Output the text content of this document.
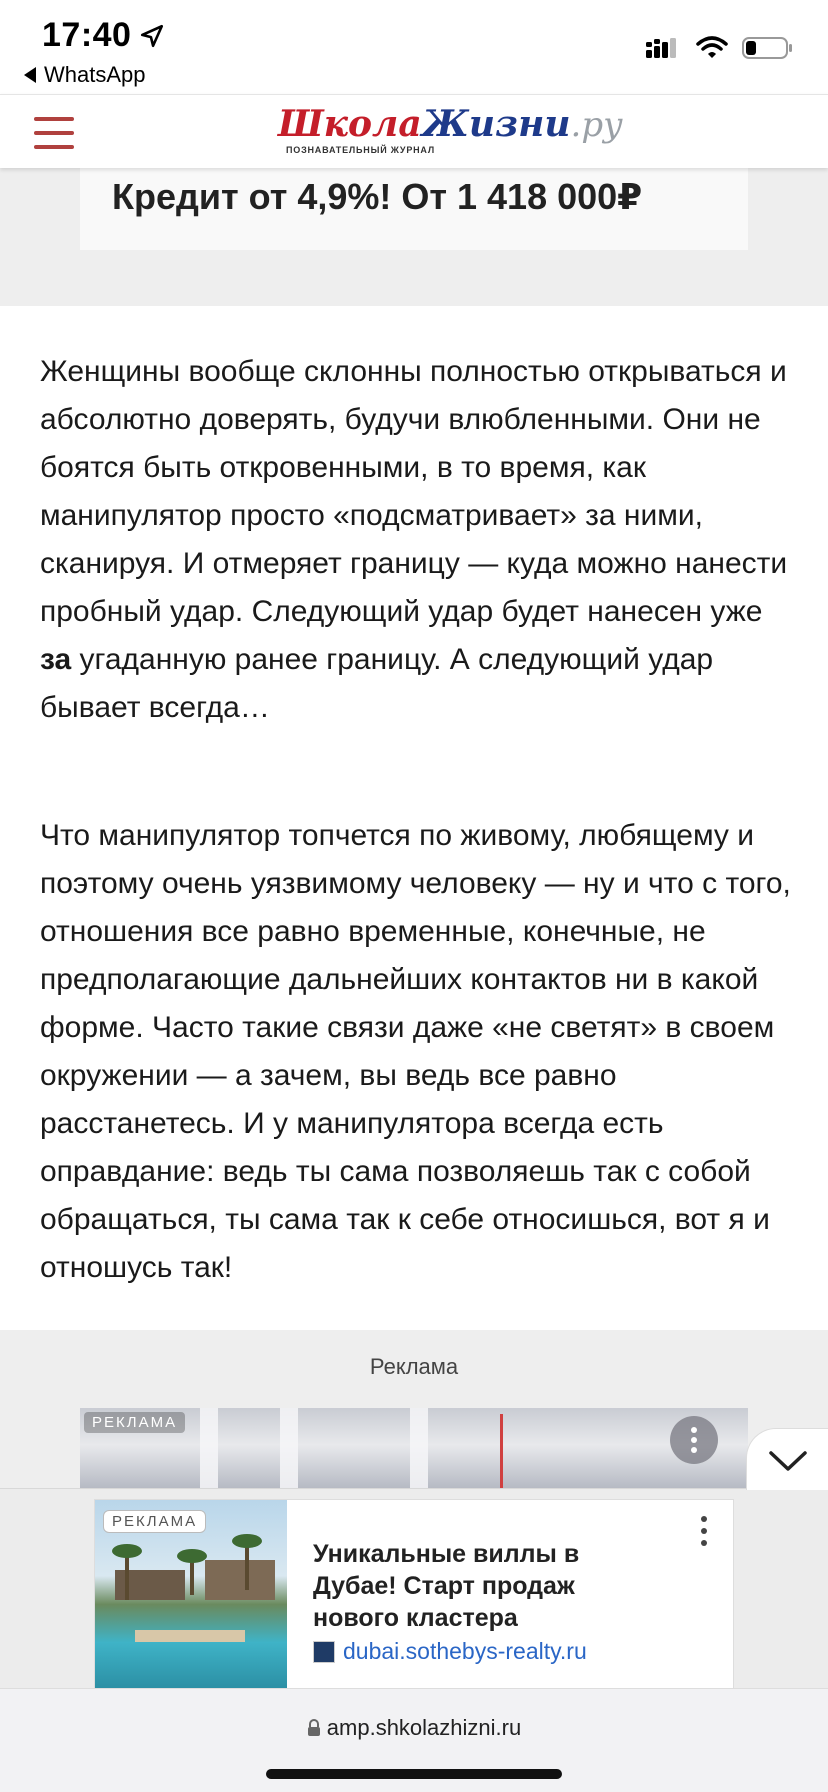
17:40
WhatsApp
ШколаЖизни.ру
ПОЗНАВАТЕЛЬНЫЙ ЖУРНАЛ
Кредит от 4,9%! От 1 418 000₽

Женщины вообще склонны полностью открываться и абсолютно доверять, будучи влюбленными. Они не боятся быть откровенными, в то время, как манипулятор просто «подсматривает» за ними, сканируя. И отмеряет границу — куда можно нанести пробный удар. Следующий удар будет нанесен уже за угаданную ранее границу. А следующий удар бывает всегда…

Что манипулятор топчется по живому, любящему и поэтому очень уязвимому человеку — ну и что с того, отношения все равно временные, конечные, не предполагающие дальнейших контактов ни в какой форме. Часто такие связи даже «не светят» в своем окружении — а зачем, вы ведь все равно расстанетесь. И у манипулятора всегда есть оправдание: ведь ты сама позволяешь так с собой обращаться, ты сама так к себе относишься, вот я и отношусь так!

Реклама
РЕКЛАМА
РЕКЛАМА
Уникальные виллы в Дубае! Старт продаж нового кластера
dubai.sothebys-realty.ru
amp.shkolazhizni.ru
